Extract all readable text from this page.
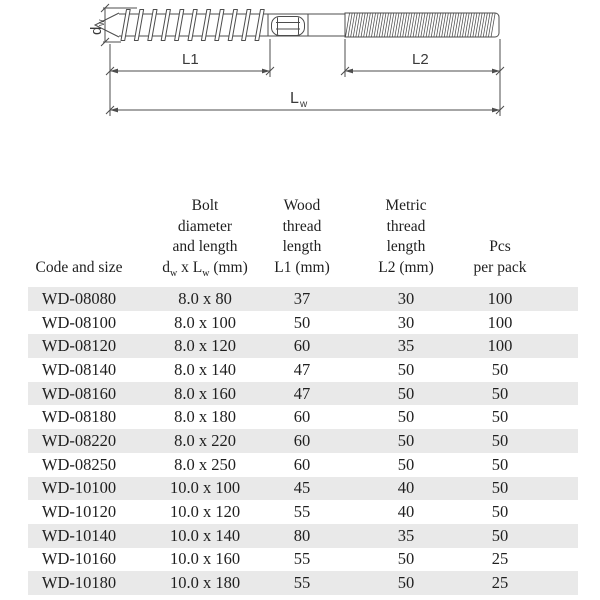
d
w
L1	L2
L w
Code and size

Bolt
diameter
and length
$d_w$ x $L_w$ (mm)

Wood
thread
length
L1 (mm)

Metric
thread
length
L2 (mm)

Pcs
per pack

WD-08080	8.0 x 80	37	30	100
WD-08100	8.0 x 100	50	30	100
WD-08120	8.0 x 120	60	35	100
WD-08140	8.0 x 140	47	50	50
WD-08160	8.0 x 160	47	50	50
WD-08180	8.0 x 180	60	50	50
WD-08220	8.0 x 220	60	50	50
WD-08250	8.0 x 250	60	50	50
WD-10100	10.0 x 100	45	40	50
WD-10120	10.0 x 120	55	40	50
WD-10140	10.0 x 140	80	35	50
WD-10160	10.0 x 160	55	50	25
WD-10180	10.0 x 180	55	50	25
